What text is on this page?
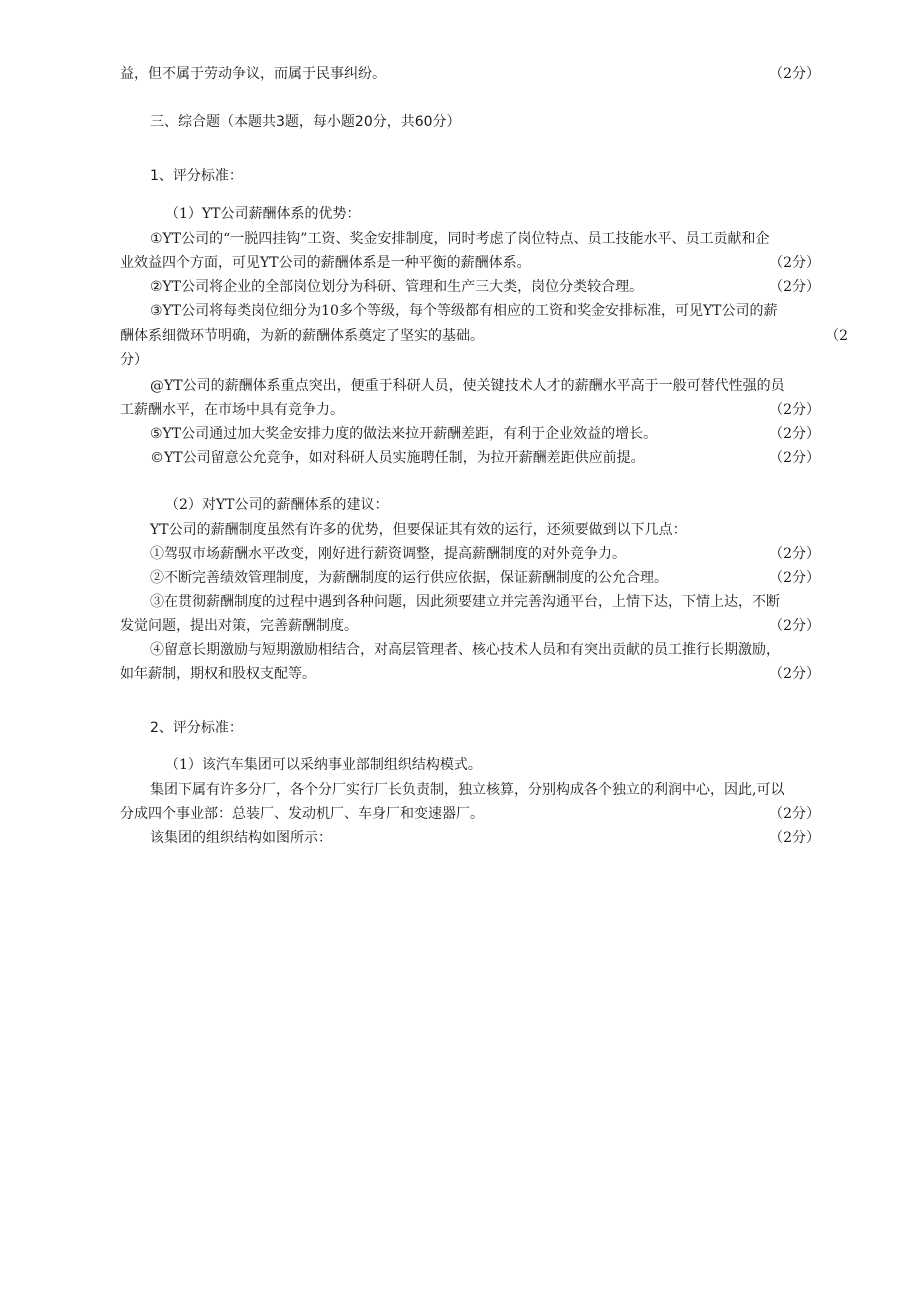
益，但不属于劳动争议，而属于民事纠纷。	（2分）
三、综合题（本题共3题，每小题20分，共60分）
1、评分标准：
（1）YT公司薪酬体系的优势：
①YT公司的“一脱四挂钩”工资、奖金安排制度，同时考虑了岗位特点、员工技能水平、员工贡献和企
业效益四个方面，可见YT公司的薪酬体系是一种平衡的薪酬体系。	（2分）
②YT公司将企业的全部岗位划分为科研、管理和生产三大类，岗位分类较合理。	（2分）
③YT公司将每类岗位细分为10多个等级，每个等级都有相应的工资和奖金安排标准，可见YT公司的薪
酬体系细微环节明确，为新的薪酬体系奠定了坚实的基础。	（2
分）
@YT公司的薪酬体系重点突出，便重于科研人员，使关键技术人才的薪酬水平高于一般可替代性强的员
工薪酬水平，在市场中具有竞争力。	（2分）
⑤YT公司通过加大奖金安排力度的做法来拉开薪酬差距，有利于企业效益的增长。	（2分）
©YT公司留意公允竞争，如对科研人员实施聘任制，为拉开薪酬差距供应前提。	（2分）
（2）对YT公司的薪酬体系的建议：
YT公司的薪酬制度虽然有许多的优势，但要保证其有效的运行，还须要做到以下几点：
①驾驭市场薪酬水平改变，刚好进行薪资调整，提高薪酬制度的对外竞争力。	（2分）
②不断完善绩效管理制度，为薪酬制度的运行供应依据，保证薪酬制度的公允合理。	（2分）
③在贯彻薪酬制度的过程中遇到各种问题，因此须要建立并完善沟通平台，上情下达，下情上达，不断
发觉问题，提出对策，完善薪酬制度。	（2分）
④留意长期激励与短期激励相结合，对高层管理者、核心技术人员和有突出贡献的员工推行长期激励，
如年薪制，期权和股权支配等。	（2分）
2、评分标准：
（1）该汽车集团可以采纳事业部制组织结构模式。
集团下属有许多分厂，各个分厂实行厂长负责制，独立核算，分别构成各个独立的利润中心，因此,可以
分成四个事业部：总装厂、发动机厂、车身厂和变速器厂。	（2分）
该集团的组织结构如图所示：	（2分）
